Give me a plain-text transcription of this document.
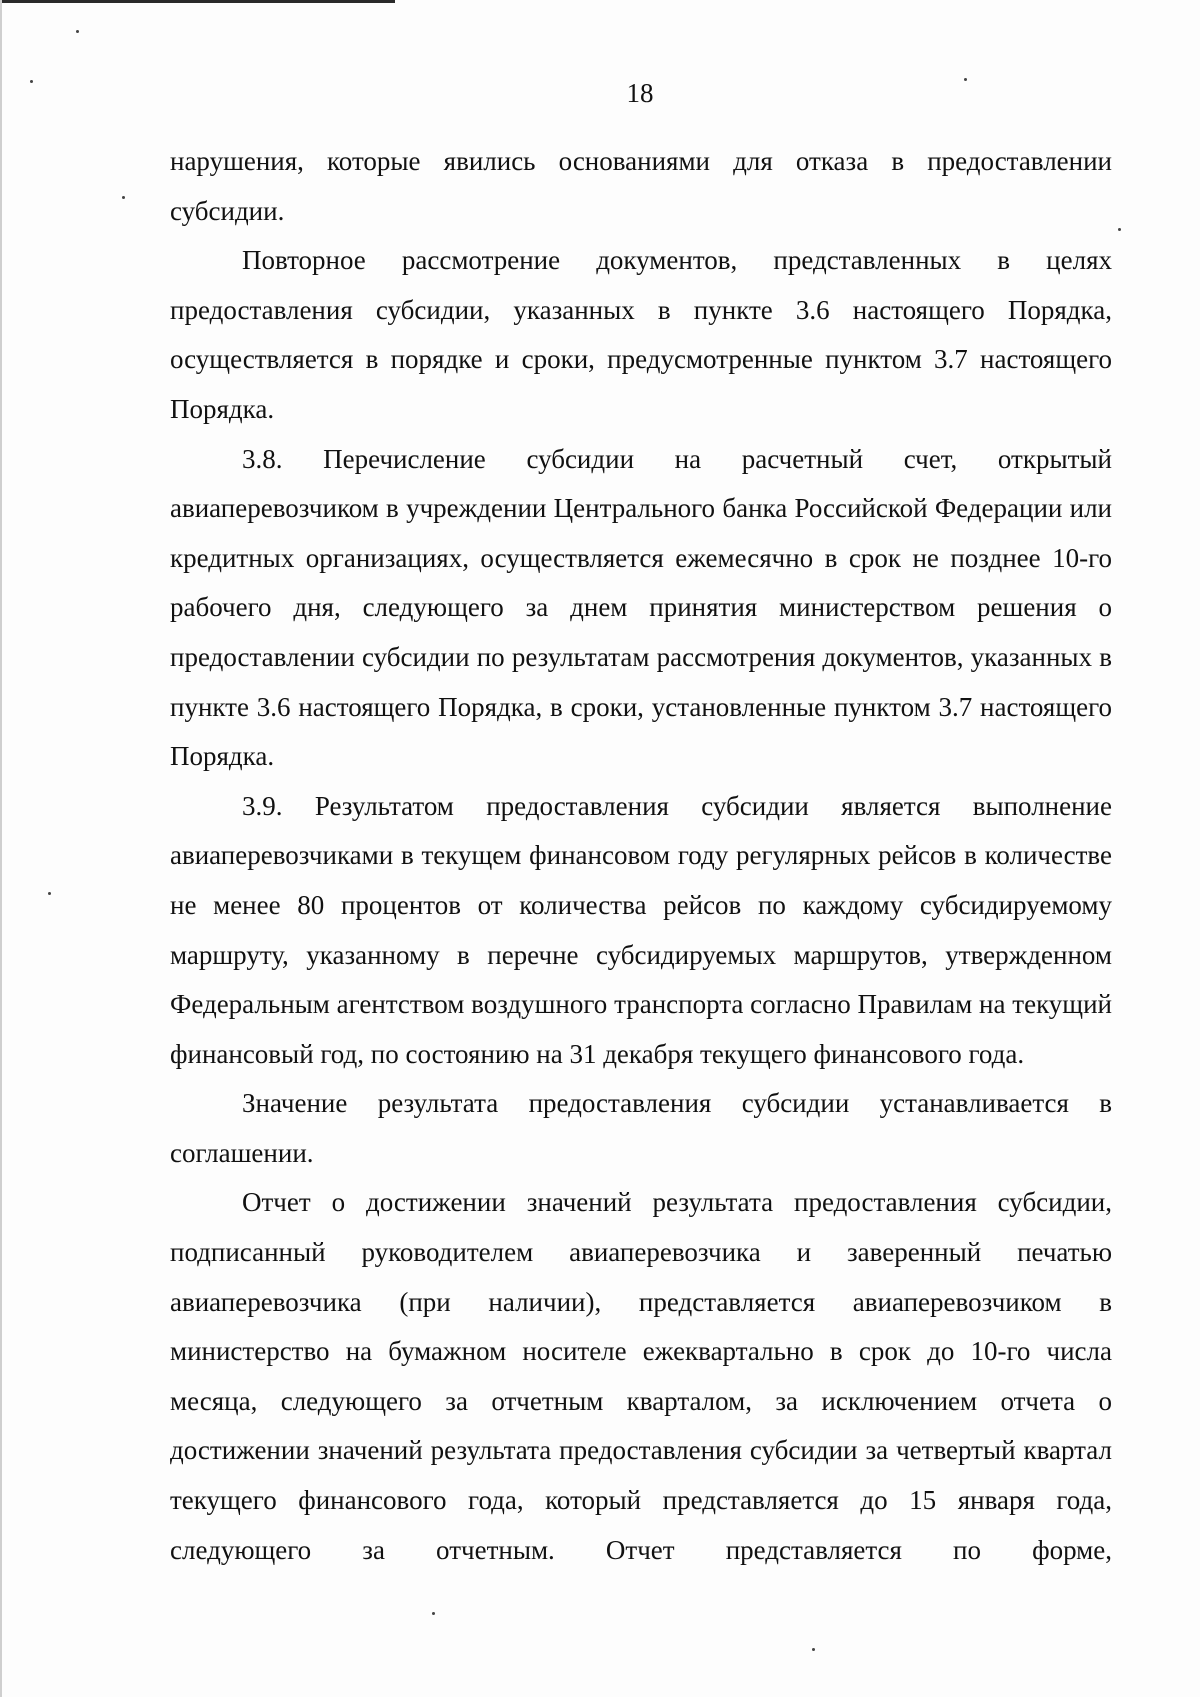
18

нарушения, которые явились основаниями для отказа в предоставлении субсидии.

Повторное рассмотрение документов, представленных в целях предоставления субсидии, указанных в пункте 3.6 настоящего Порядка, осуществляется в порядке и сроки, предусмотренные пунктом 3.7 настоящего Порядка.

3.8. Перечисление субсидии на расчетный счет, открытый авиаперевозчиком в учреждении Центрального банка Российской Федерации или кредитных организациях, осуществляется ежемесячно в срок не позднее 10-го рабочего дня, следующего за днем принятия министерством решения о предоставлении субсидии по результатам рассмотрения документов, указанных в пункте 3.6 настоящего Порядка, в сроки, установленные пунктом 3.7 настоящего Порядка.

3.9. Результатом предоставления субсидии является выполнение авиаперевозчиками в текущем финансовом году регулярных рейсов в количестве не менее 80 процентов от количества рейсов по каждому субсидируемому маршруту, указанному в перечне субсидируемых маршрутов, утвержденном Федеральным агентством воздушного транспорта согласно Правилам на текущий финансовый год, по состоянию на 31 декабря текущего финансового года.

Значение результата предоставления субсидии устанавливается в соглашении.

Отчет о достижении значений результата предоставления субсидии, подписанный руководителем авиаперевозчика и заверенный печатью авиаперевозчика (при наличии), представляется авиаперевозчиком в министерство на бумажном носителе ежеквартально в срок до 10-го числа месяца, следующего за отчетным кварталом, за исключением отчета о достижении значений результата предоставления субсидии за четвертый квартал текущего финансового года, который представляется до 15 января года, следующего за отчетным. Отчет представляется по форме,
